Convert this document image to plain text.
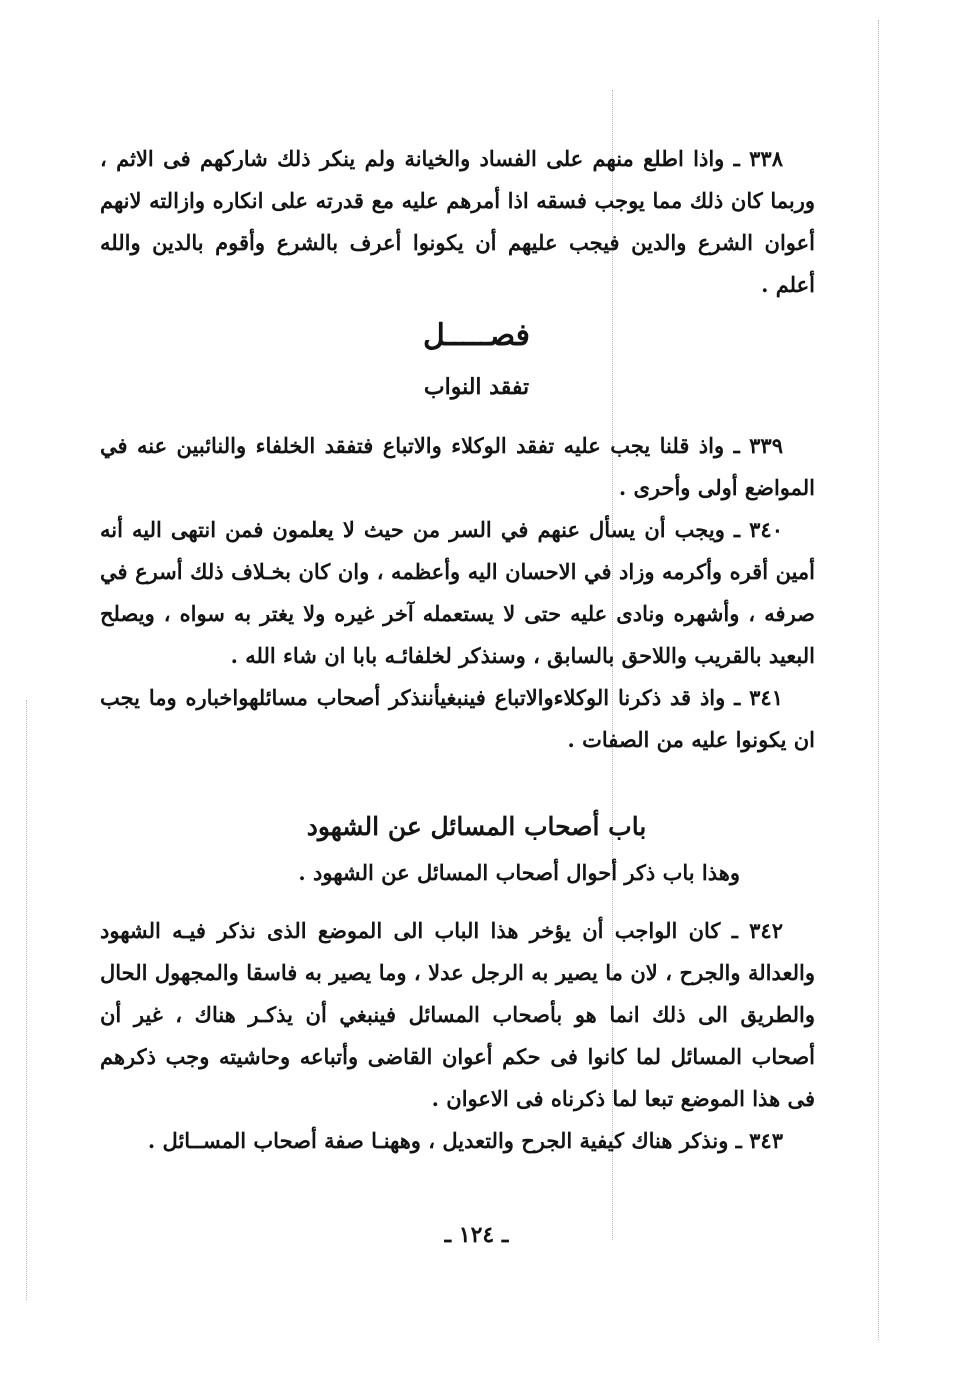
٣٣٨ ـ واذا اطلع منهم على الفساد والخيانة ولم ينكر ذلك شاركهم فى الاثم ، وربما كان ذلك مما يوجب فسقه اذا أمرهم عليه مع قدرته على انكاره وازالته لانهم أعوان الشرع والدين فيجب عليهم أن يكونوا أعرف بالشرع وأقوم بالدين والله أعلم .

فصـــــل
تفقد النواب

٣٣٩ ـ واذ قلنا يجب عليه تفقد الوكلاء والاتباع فتفقد الخلفاء والنائبين عنه في المواضع أولى وأحرى .

٣٤٠ ـ ويجب أن يسأل عنهم في السر من حيث لا يعلمون فمن انتهى اليه أنه أمين أقره وأكرمه وزاد في الاحسان اليه وأعظمه ، وان كان بخـلاف ذلك أسرع في صرفه ، وأشهره ونادى عليه حتى لا يستعمله آخر غيره ولا يغتر به سواه ، ويصلح البعيد بالقريب واللاحق بالسابق ، وسنذكر لخلفائـه بابا ان شاء الله .

٣٤١ ـ واذ قد ذكرنا الوكلاءوالاتباع فينبغيأننذكر أصحاب مسائلهواخباره وما يجب ان يكونوا عليه من الصفات .

باب أصحاب المسائل عن الشهود
وهذا باب ذكر أحوال أصحاب المسائل عن الشهود .

٣٤٢ ـ كان الواجب أن يؤخر هذا الباب الى الموضع الذى نذكر فيـه الشهود والعدالة والجرح ، لان ما يصير به الرجل عدلا ، وما يصير به فاسقا والمجهول الحال والطريق الى ذلك انما هو بأصحاب المسائل فينبغي أن يذكـر هناك ، غير أن أصحاب المسائل لما كانوا فى حكم أعوان القاضى وأتباعه وحاشيته وجب ذكرهم فى هذا الموضع تبعا لما ذكرناه فى الاعوان .

٣٤٣ ـ ونذكر هناك كيفية الجرح والتعديل ، وههنـا صفة أصحاب المســائل .

ـ ١٢٤ ـ
